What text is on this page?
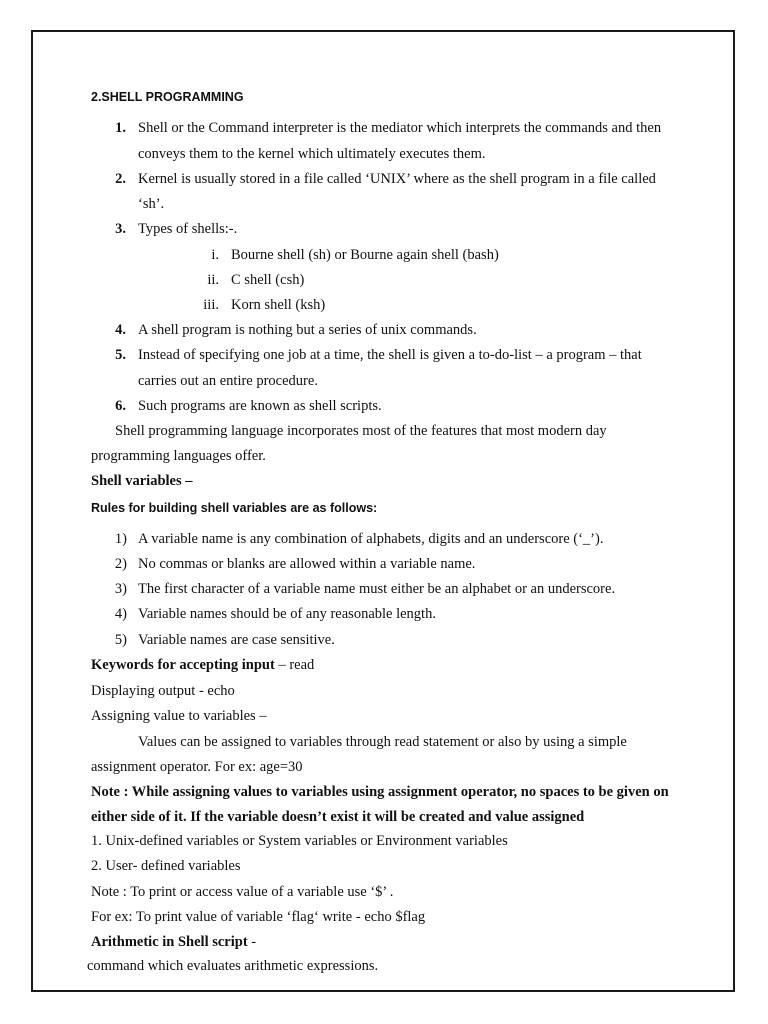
2.SHELL PROGRAMMING
1. Shell or the Command interpreter is the mediator which interprets the commands and then
conveys them to the kernel which ultimately executes them.
2. Kernel is usually stored in a file called ‘UNIX’ where as the shell program in a file called
‘sh’.
3. Types of shells:-.
i. Bourne shell (sh) or Bourne again shell (bash)
ii. C shell (csh)
iii. Korn shell (ksh)
4. A shell program is nothing but a series of unix commands.
5. Instead of specifying one job at a time, the shell is given a to-do-list – a program – that
carries out an entire procedure.
6. Such programs are known as shell scripts.
Shell programming language incorporates most of the features that most modern day
programming languages offer.
Shell variables –
Rules for building shell variables are as follows:
1) A variable name is any combination of alphabets, digits and an underscore (‘_’).
2) No commas or blanks are allowed within a variable name.
3) The first character of a variable name must either be an alphabet or an underscore.
4) Variable names should be of any reasonable length.
5) Variable names are case sensitive.
Keywords for accepting input – read
Displaying output - echo
Assigning value to variables –
Values can be assigned to variables through read statement or also by using a simple
assignment operator. For ex: age=30
Note : While assigning values to variables using assignment operator, no spaces to be given on
either side of it. If the variable doesn’t exist it will be created and value assigned
1. Unix-defined variables or System variables or Environment variables
2. User- defined variables
Note : To print or access value of a variable use ‘$’ .
For ex: To print value of variable ‘flag‘ write - echo $flag
Arithmetic in Shell script -
command which evaluates arithmetic expressions.
